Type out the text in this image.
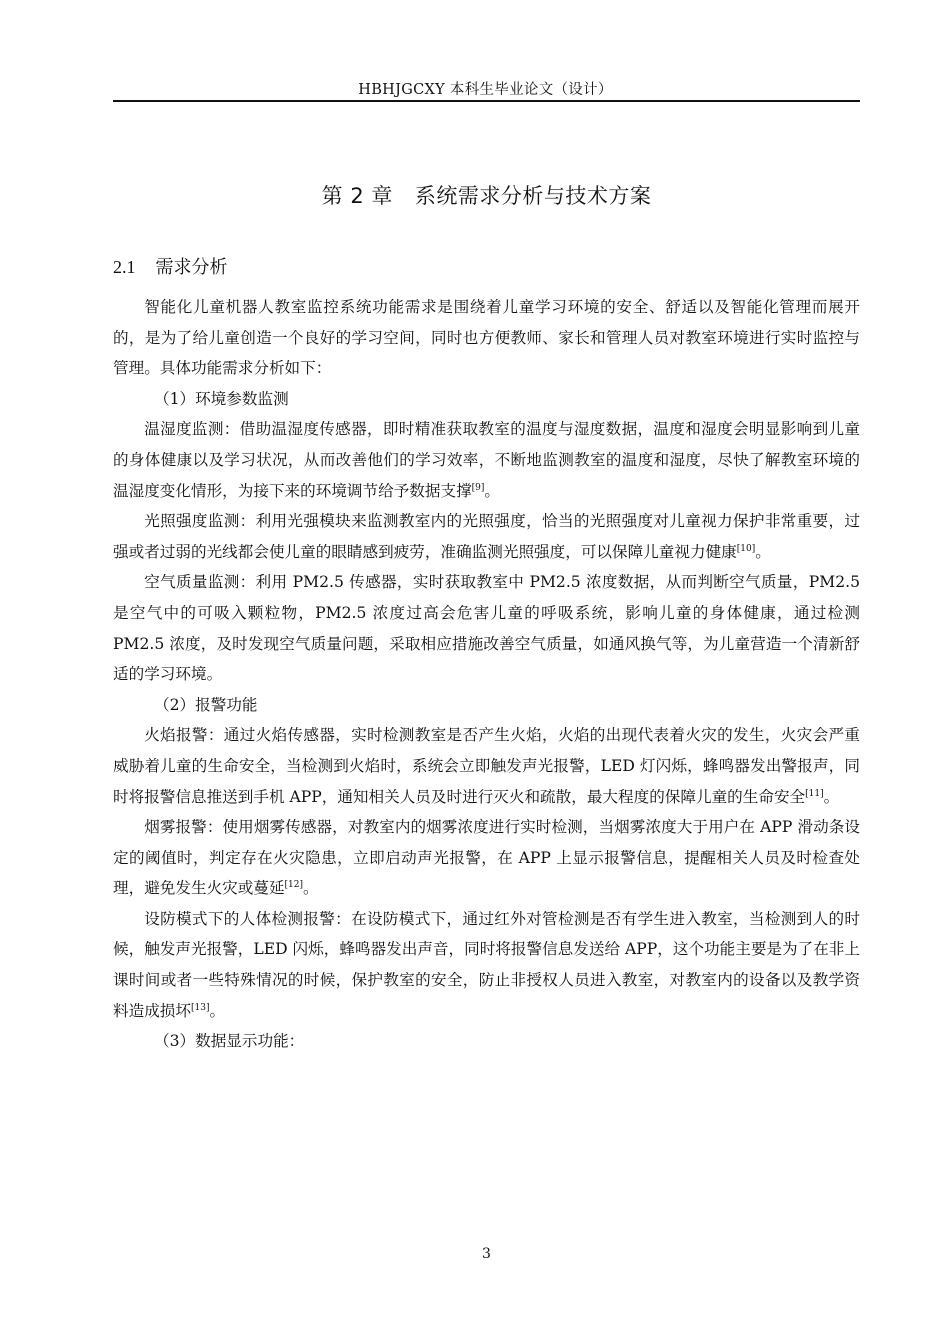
HBHJGCXY 本科生毕业论文（设计）
第 2 章 系统需求分析与技术方案
2.1 需求分析

智能化儿童机器人教室监控系统功能需求是围绕着儿童学习环境的安全、舒适以及智能化管理而展开的，是为了给儿童创造一个良好的学习空间，同时也方便教师、家长和管理人员对教室环境进行实时监控与管理。具体功能需求分析如下：

（1）环境参数监测

温湿度监测：借助温湿度传感器，即时精准获取教室的温度与湿度数据，温度和湿度会明显影响到儿童的身体健康以及学习状况，从而改善他们的学习效率，不断地监测教室的温度和湿度，尽快了解教室环境的温湿度变化情形，为接下来的环境调节给予数据支撑[9]。

光照强度监测：利用光强模块来监测教室内的光照强度，恰当的光照强度对儿童视力保护非常重要，过强或者过弱的光线都会使儿童的眼睛感到疲劳，准确监测光照强度，可以保障儿童视力健康[10]。

空气质量监测：利用 PM2.5 传感器，实时获取教室中 PM2.5 浓度数据，从而判断空气质量，PM2.5 是空气中的可吸入颗粒物，PM2.5 浓度过高会危害儿童的呼吸系统，影响儿童的身体健康，通过检测 PM2.5 浓度，及时发现空气质量问题，采取相应措施改善空气质量，如通风换气等，为儿童营造一个清新舒适的学习环境。

（2）报警功能

火焰报警：通过火焰传感器，实时检测教室是否产生火焰，火焰的出现代表着火灾的发生，火灾会严重威胁着儿童的生命安全，当检测到火焰时，系统会立即触发声光报警，LED 灯闪烁，蜂鸣器发出警报声，同时将报警信息推送到手机 APP，通知相关人员及时进行灭火和疏散，最大程度的保障儿童的生命安全[11]。

烟雾报警：使用烟雾传感器，对教室内的烟雾浓度进行实时检测，当烟雾浓度大于用户在 APP 滑动条设定的阈值时，判定存在火灾隐患，立即启动声光报警，在 APP 上显示报警信息，提醒相关人员及时检查处理，避免发生火灾或蔓延[12]。

设防模式下的人体检测报警：在设防模式下，通过红外对管检测是否有学生进入教室，当检测到人的时候，触发声光报警，LED 闪烁，蜂鸣器发出声音，同时将报警信息发送给 APP，这个功能主要是为了在非上课时间或者一些特殊情况的时候，保护教室的安全，防止非授权人员进入教室，对教室内的设备以及教学资料造成损坏[13]。

（3）数据显示功能：

3
